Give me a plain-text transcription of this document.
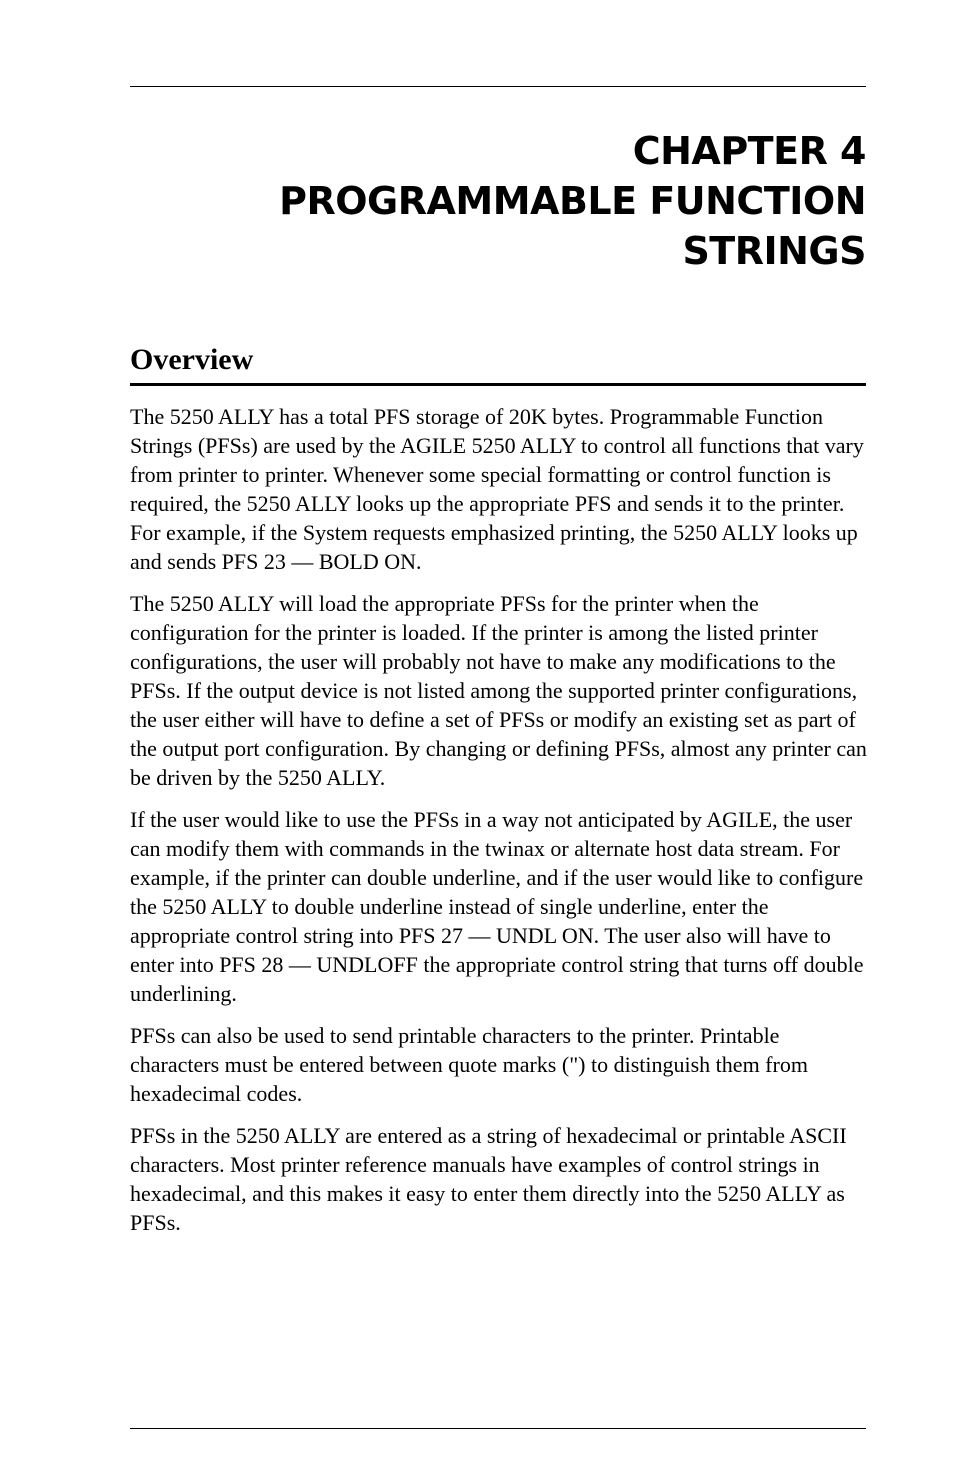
CHAPTER 4
PROGRAMMABLE FUNCTION
STRINGS
Overview

The 5250 ALLY has a total PFS storage of 20K bytes. Programmable Function Strings (PFSs) are used by the AGILE 5250 ALLY to control all functions that vary from printer to printer. Whenever some special formatting or control function is required, the 5250 ALLY looks up the appropriate PFS and sends it to the printer. For example, if the System requests emphasized printing, the 5250 ALLY looks up and sends PFS 23 — BOLD ON.

The 5250 ALLY will load the appropriate PFSs for the printer when the configuration for the printer is loaded. If the printer is among the listed printer configurations, the user will probably not have to make any modifications to the PFSs. If the output device is not listed among the supported printer configurations, the user either will have to define a set of PFSs or modify an existing set as part of the output port configuration. By changing or defining PFSs, almost any printer can be driven by the 5250 ALLY.

If the user would like to use the PFSs in a way not anticipated by AGILE, the user can modify them with commands in the twinax or alternate host data stream. For example, if the printer can double underline, and if the user would like to configure the 5250 ALLY to double underline instead of single underline, enter the appropriate control string into PFS 27 — UNDL ON. The user also will have to enter into PFS 28 — UNDLOFF the appropriate control string that turns off double underlining.

PFSs can also be used to send printable characters to the printer. Printable characters must be entered between quote marks (") to distinguish them from hexadecimal codes.

PFSs in the 5250 ALLY are entered as a string of hexadecimal or printable ASCII characters. Most printer reference manuals have examples of control strings in hexadecimal, and this makes it easy to enter them directly into the 5250 ALLY as PFSs.
